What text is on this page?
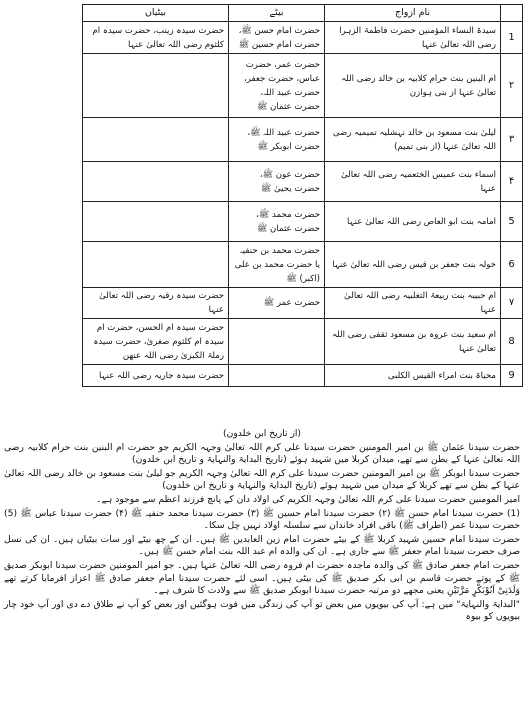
	نام ازواج	بیٹے	بیٹیاں
1	سیدۃ النساء المؤمنین حضرت فاطمۃ الزہرا رضی اللہ تعالیٰ عنہا	حضرت امام حسن ﷺ، حضرت امام حسین ﷺ	حضرت سیدہ زینب، حضرت سیدہ ام کلثوم رضی اللہ تعالیٰ عنہا
۲	ام البنین بنت حرام کلابیہ بن خالد رضی اللہ تعالیٰ عنہا از بنی ہوازن	حضرت عمر، حضرت عباس، حضرت جعفر، حضرت عبید اللہ، حضرت عثمان ﷺ	
۳	لیلیٰ بنت مسعود بن خالد نہشلیہ تمیمیہ رضی اللہ تعالیٰ عنہا (از بنی تمیم)	حضرت عبید اللہ ﷺ، حضرت ابوبکر ﷺ	
۴	اسماء بنت عمیس الخثعمیہ رضی اللہ تعالیٰ عنہا	حضرت عون ﷺ، حضرت یحییٰ ﷺ	
5	امامہ بنت ابو العاص رضی اللہ تعالیٰ عنہا	حضرت محمد ﷺ، حضرت عثمان ﷺ	
6	خولہ بنت جعفر بن قیس رضی اللہ تعالیٰ عنہا	حضرت محمد بن حنفیہ یا حضرت محمد بن علی (اکبر) ﷺ	
۷	ام حبیبہ بنت ربیعۃ التغلبیہ رضی اللہ تعالیٰ عنہا	حضرت عمر ﷺ	حضرت سیدہ رقیہ رضی اللہ تعالیٰ عنہا
8	ام سعید بنت عروہ بن مسعود ثقفی رضی اللہ تعالیٰ عنہا		حضرت سیدہ ام الحسن، حضرت ام سیدہ ام کلثوم صغریٰ، حضرت سیدہ رملۃ الکبریٰ رضی اللہ عنھن
9	محیاۃ بنت امراء القیس الکلبی		حضرت سیدہ جاریہ رضی اللہ عنہا

(از تاریخ ابن خلدون)

حضرت سیدنا عثمان ﷺ بن امیر المومنین حضرت سیدنا علی کرم اللہ تعالیٰ وجہہ الکریم جو حضرت ام البنین بنت حرام کلابیہ رضی اللہ تعالیٰ عنہا کے بطن سے تھے، میدان کربلا میں شہید ہوئے (تاریخ البدایۃ والنہایۃ و تاریخ ابن خلدون)

حضرت سیدنا ابوبکر ﷺ بن امیر المومنین حضرت سیدنا علی کرم اللہ تعالیٰ وجہہ الکریم جو لیلیٰ بنت مسعود بن خالد رضی اللہ تعالیٰ عنہا کے بطن سے تھے کربلا کے میدان میں شہید ہوئے (تاریخ البدایۃ والنہایۃ و تاریخ ابن خلدون)

امیر المومنین حضرت سیدنا علی کرم اللہ تعالیٰ وجہہ الکریم کی اولاد دان کے پانچ فرزند اعظم سے موجود ہے۔

(1) حضرت سیدنا امام حسن ﷺ (۲) حضرت سیدنا امام حسین ﷺ (۳) حضرت سیدنا محمد حنفیہ ﷺ (۴) حضرت سیدنا عباس ﷺ (5) حضرت سیدنا عمر (اطراف ﷺ) باقی افراد خاندان سے سلسلہ اولاد نہیں چل سکا۔

حضرت سیدنا امام حسین شہید کربلا ﷺ کے بیٹے حضرت امام زین العابدین ﷺ ہیں۔ ان کے چھ بیٹے اور سات بیٹیاں ہیں۔ ان کی نسل صرف حضرت سیدنا امام جعفر ﷺ سے جاری ہے۔ ان کی والدہ ام عبد اللہ بنت امام حسن ﷺ ہیں۔

حضرت امام جعفر صادق ﷺ کی والدہ ماجدہ حضرت ام فروہ رضی اللہ تعالیٰ عنہا ہیں۔ جو امیر المومنین حضرت سیدنا ابوبکر صدیق ﷺ کے پوتے حضرت قاسم بن ابی بکر صدیق ﷺ کی بیٹی ہیں۔ اسی لئے حضرت سیدنا امام جعفر صادق ﷺ اعزاز افرمایا کرتے تھے وَلَدَنِیْ اَبُوْبَکْرٍ مَرَّتَیْنِ یعنی مجھے دو مرتبہ حضرت سیدنا ابوبکر صدیق ﷺ سے ولادت کا شرف ہے۔

"البدایۃ والنہایۃ" میں ہے: آپ کی بیویوں میں بعض تو آپ کی زندگی میں فوت ہوگئیں اور بعض کو آپ نے طلاق دے دی اور آپ خود چار بیویوں کو بیوہ
